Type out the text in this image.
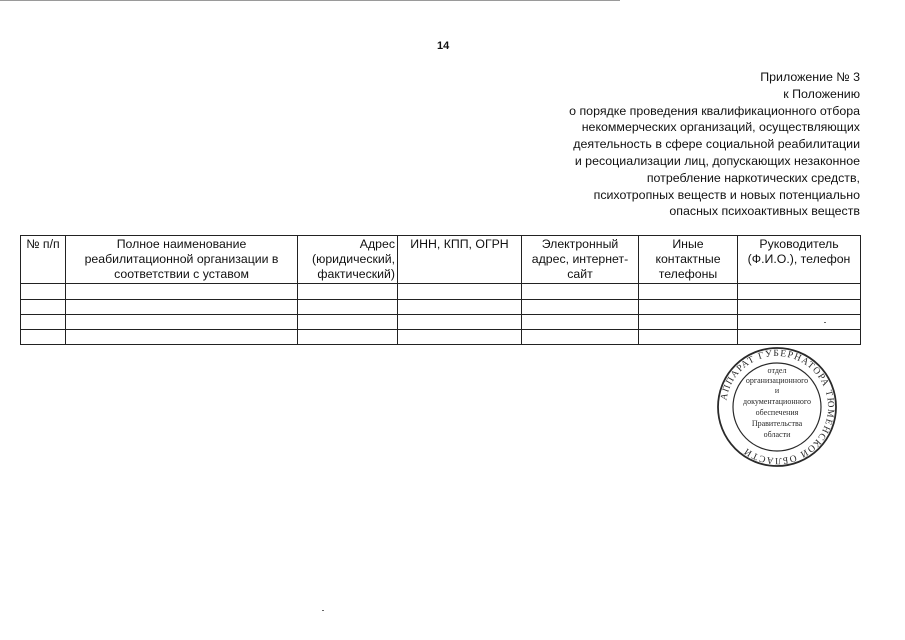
14
Приложение № 3
к Положению
о порядке проведения квалификационного отбора
некоммерческих организаций, осуществляющих
деятельность в сфере социальной реабилитации
и ресоциализации лиц, допускающих незаконное
потребление наркотических средств,
психотропных веществ и новых потенциально
опасных психоактивных веществ
№ п/п	Полное наименование реабилитационной организации в соответствии с уставом	Адрес (юридический, фактический)	ИНН, КПП, ОГРН	Электронный адрес, интернет-сайт	Иные контактные телефоны	Руководитель (Ф.И.О.), телефон

АППАРАТ ГУБЕРНАТОРА ТЮМЕНСКОЙ ОБЛАСТИ
отдел
организационного
и
документационного
обеспечения
Правительства
области
